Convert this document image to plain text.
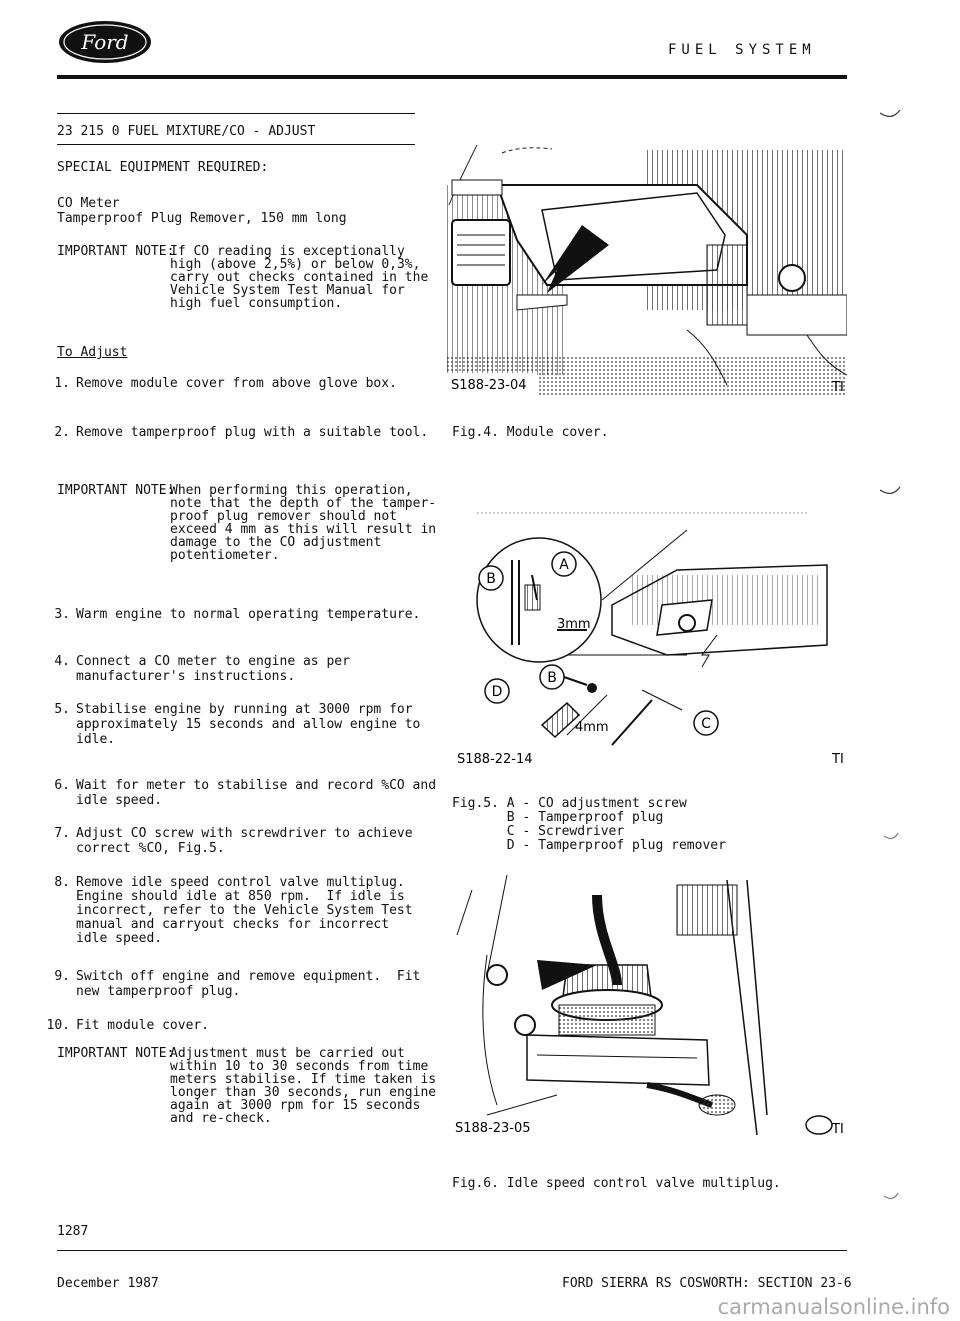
Ford	FUEL SYSTEM
23 215 0 FUEL MIXTURE/CO - ADJUST
SPECIAL EQUIPMENT REQUIRED:
CO Meter
Tamperproof Plug Remover, 150 mm long
IMPORTANT NOTE:
If CO reading is exceptionally
high (above 2,5%) or below 0,3%,
carry out checks contained in the
Vehicle System Test Manual for
high fuel consumption.
To Adjust
1. Remove module cover from above glove box.
2. Remove tamperproof plug with a suitable tool.
IMPORTANT NOTE:
When performing this operation,
note that the depth of the tamper-
proof plug remover should not
exceed 4 mm as this will result in
damage to the CO adjustment
potentiometer.
3. Warm engine to normal operating temperature.
4. Connect a CO meter to engine as per
manufacturer's instructions.
5. Stabilise engine by running at 3000 rpm for
approximately 15 seconds and allow engine to
idle.
6. Wait for meter to stabilise and record %CO and
idle speed.
7. Adjust CO screw with screwdriver to achieve
correct %CO, Fig.5.
8. Remove idle speed control valve multiplug.
Engine should idle at 850 rpm.  If idle is
incorrect, refer to the Vehicle System Test
manual and carryout checks for incorrect
idle speed.
9. Switch off engine and remove equipment.  Fit
new tamperproof plug.
10. Fit module cover.
IMPORTANT NOTE:
Adjustment must be carried out
within 10 to 30 seconds from time
meters stabilise. If time taken is
longer than 30 seconds, run engine
again at 3000 rpm for 15 seconds
and re-check.
S188-23-04	TI
Fig.4. Module cover.
B
A
3mm
B
D
4mm	C
S188-22-14	TI
Fig.5. A - CO adjustment screw
B - Tamperproof plug
C - Screwdriver
D - Tamperproof plug remover
S188-23-05	TI
Fig.6. Idle speed control valve multiplug.
1287
December 1987	FORD SIERRA RS COSWORTH: SECTION 23-6
carmanualsonline.info
